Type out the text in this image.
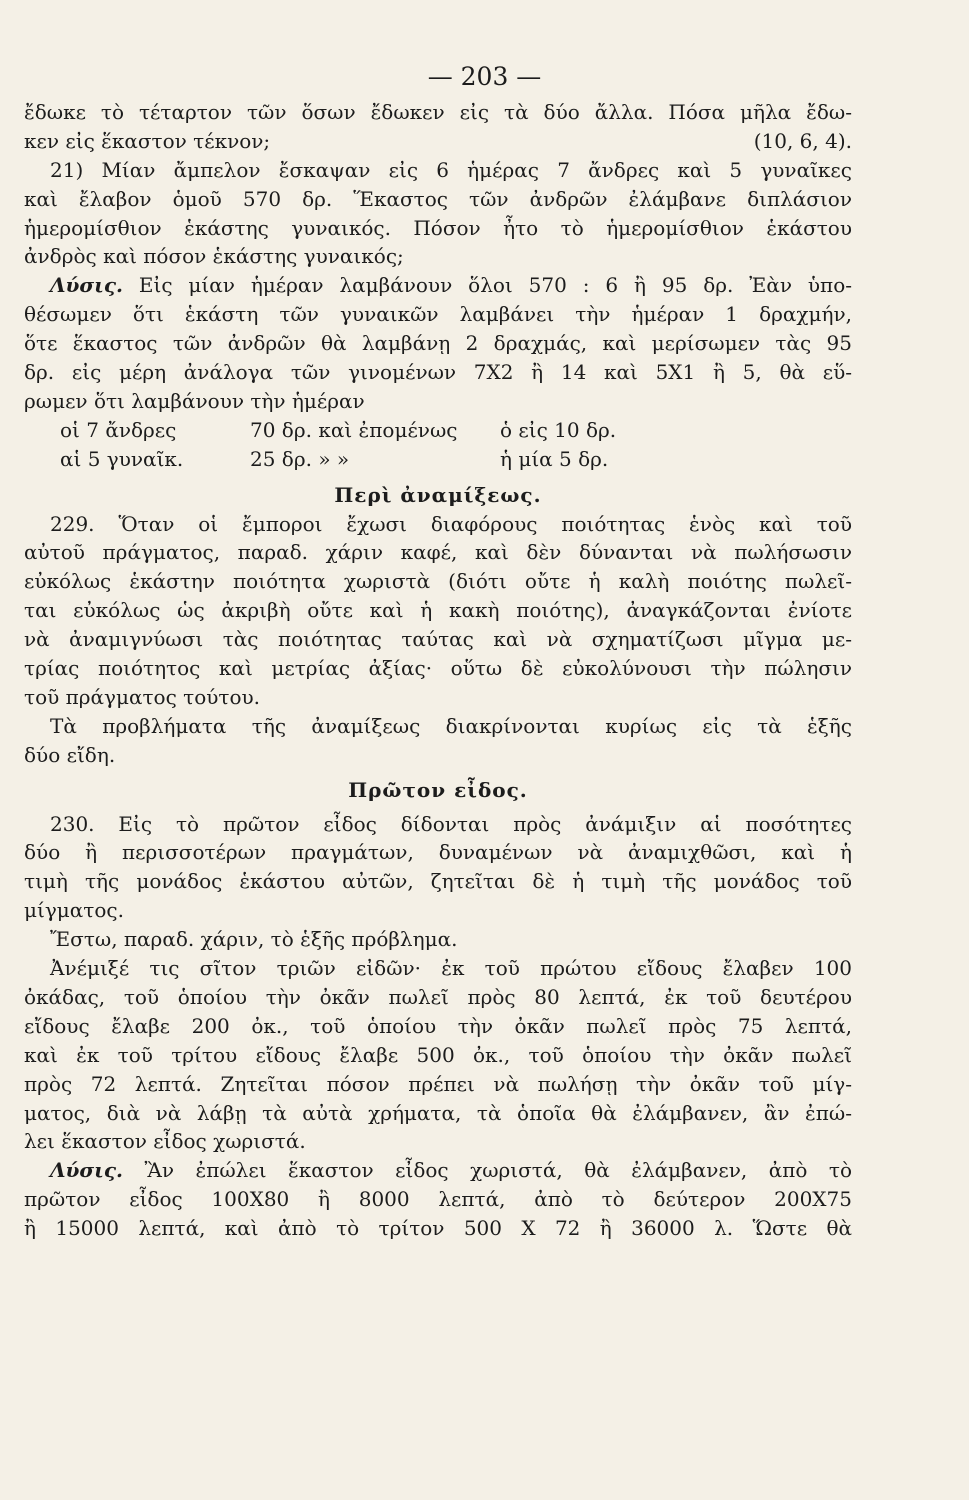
— 203 —
ἔδωκε τὸ τέταρτον τῶν ὅσων ἔδωκεν εἰς τὰ δύο ἄλλα. Πόσα μῆλα ἔδω-
κεν εἰς ἕκαστον τέκνον;	(10, 6, 4).
21) Μίαν ἄμπελον ἔσκαψαν εἰς 6 ἡμέρας 7 ἄνδρες καὶ 5 γυναῖκες
καὶ ἔλαβον ὁμοῦ 570 δρ. Ἕκαστος τῶν ἀνδρῶν ἐλάμβανε διπλάσιον
ἡμερομίσθιον ἑκάστης γυναικός. Πόσον ἦτο τὸ ἡμερομίσθιον ἑκάστου
ἀνδρὸς καὶ πόσον ἑκάστης γυναικός;
Λύσις. Εἰς μίαν ἡμέραν λαμβάνουν ὅλοι 570 : 6 ἢ 95 δρ. Ἐὰν ὑπο-
θέσωμεν ὅτι ἑκάστη τῶν γυναικῶν λαμβάνει τὴν ἡμέραν 1 δραχμήν,
ὅτε ἕκαστος τῶν ἀνδρῶν θὰ λαμβάνῃ 2 δραχμάς, καὶ μερίσωμεν τὰς 95
δρ. εἰς μέρη ἀνάλογα τῶν γινομένων 7X2 ἢ 14 καὶ 5X1 ἢ 5, θὰ εὕ-
ρωμεν ὅτι λαμβάνουν τὴν ἡμέραν
οἱ 7 ἄνδρες	70 δρ. καὶ ἐπομένως	ὁ εἰς 10 δρ.
αἱ 5 γυναῖκ.	25 δρ. » »	ἡ μία 5 δρ.
Περὶ ἀναμίξεως.
229. Ὅταν οἱ ἔμποροι ἔχωσι διαφόρους ποιότητας ἑνὸς καὶ τοῦ
αὐτοῦ πράγματος, παραδ. χάριν καφέ, καὶ δὲν δύνανται νὰ πωλήσωσιν
εὐκόλως ἑκάστην ποιότητα χωριστὰ (διότι οὔτε ἡ καλὴ ποιότης πωλεῖ-
ται εὐκόλως ὡς ἀκριβὴ οὔτε καὶ ἡ κακὴ ποιότης), ἀναγκάζονται ἐνίοτε
νὰ ἀναμιγνύωσι τὰς ποιότητας ταύτας καὶ νὰ σχηματίζωσι μῖγμα με-
τρίας ποιότητος καὶ μετρίας ἀξίας· οὕτω δὲ εὐκολύνουσι τὴν πώλησιν
τοῦ πράγματος τούτου.
Τὰ προβλήματα τῆς ἀναμίξεως διακρίνονται κυρίως εἰς τὰ ἑξῆς
δύο εἴδη.
Πρῶτον εἶδος.
230. Εἰς τὸ πρῶτον εἶδος δίδονται πρὸς ἀνάμιξιν αἱ ποσότητες
δύο ἢ περισσοτέρων πραγμάτων, δυναμένων νὰ ἀναμιχθῶσι, καὶ ἡ
τιμὴ τῆς μονάδος ἑκάστου αὐτῶν, ζητεῖται δὲ ἡ τιμὴ τῆς μονάδος τοῦ
μίγματος.
Ἔστω, παραδ. χάριν, τὸ ἑξῆς πρόβλημα.
Ἀνέμιξέ τις σῖτον τριῶν εἰδῶν· ἐκ τοῦ πρώτου εἴδους ἔλαβεν 100
ὀκάδας, τοῦ ὁποίου τὴν ὀκᾶν πωλεῖ πρὸς 80 λεπτά, ἐκ τοῦ δευτέρου
εἴδους ἔλαβε 200 ὀκ., τοῦ ὁποίου τὴν ὀκᾶν πωλεῖ πρὸς 75 λεπτά,
καὶ ἐκ τοῦ τρίτου εἴδους ἔλαβε 500 ὀκ., τοῦ ὁποίου τὴν ὀκᾶν πωλεῖ
πρὸς 72 λεπτά. Ζητεῖται πόσον πρέπει νὰ πωλήσῃ τὴν ὀκᾶν τοῦ μίγ-
ματος, διὰ νὰ λάβῃ τὰ αὐτὰ χρήματα, τὰ ὁποῖα θὰ ἐλάμβανεν, ἂν ἐπώ-
λει ἕκαστον εἶδος χωριστά.
Λύσις. Ἂν ἐπώλει ἕκαστον εἶδος χωριστά, θὰ ἐλάμβανεν, ἀπὸ τὸ
πρῶτον εἶδος 100X80 ἢ 8000 λεπτά, ἀπὸ τὸ δεύτερον 200X75
ἢ 15000 λεπτά, καὶ ἀπὸ τὸ τρίτον 500 X 72 ἢ 36000 λ. Ὥστε θὰ
